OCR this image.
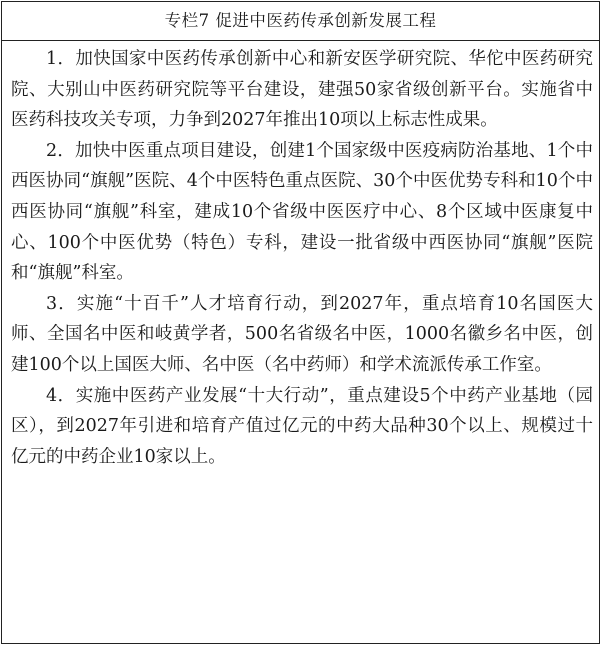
专栏7 促进中医药传承创新发展工程

1．加快国家中医药传承创新中心和新安医学研究院、华佗中医药研究院、大别山中医药研究院等平台建设，建强50家省级创新平台。实施省中医药科技攻关专项，力争到2027年推出10项以上标志性成果。

2．加快中医重点项目建设，创建1个国家级中医疫病防治基地、1个中西医协同“旗舰”医院、4个中医特色重点医院、30个中医优势专科和10个中西医协同“旗舰”科室，建成10个省级中医医疗中心、8个区域中医康复中心、100个中医优势（特色）专科，建设一批省级中西医协同“旗舰”医院和“旗舰”科室。

3．实施“十百千”人才培育行动，到2027年，重点培育10名国医大师、全国名中医和岐黄学者，500名省级名中医，1000名徽乡名中医，创建100个以上国医大师、名中医（名中药师）和学术流派传承工作室。

4．实施中医药产业发展“十大行动”，重点建设5个中药产业基地（园区），到2027年引进和培育产值过亿元的中药大品种30个以上、规模过十亿元的中药企业10家以上。
